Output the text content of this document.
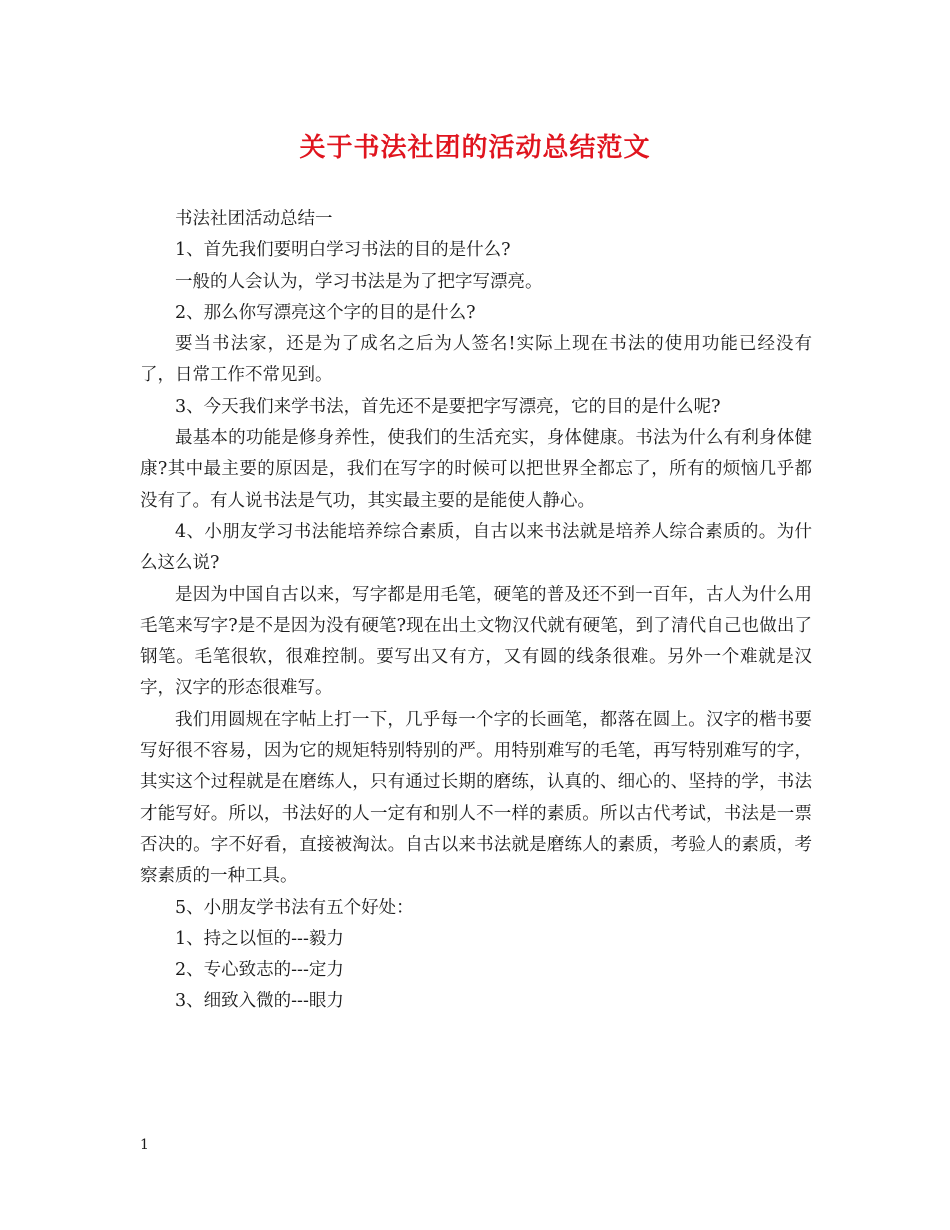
关于书法社团的活动总结范文

书法社团活动总结一

1、首先我们要明白学习书法的目的是什么?

一般的人会认为，学习书法是为了把字写漂亮。

2、那么你写漂亮这个字的目的是什么?

要当书法家，还是为了成名之后为人签名!实际上现在书法的使用功能已经没有了，日常工作不常见到。

3、今天我们来学书法，首先还不是要把字写漂亮，它的目的是什么呢?

最基本的功能是修身养性，使我们的生活充实，身体健康。书法为什么有利身体健康?其中最主要的原因是，我们在写字的时候可以把世界全都忘了，所有的烦恼几乎都没有了。有人说书法是气功，其实最主要的是能使人静心。

4、小朋友学习书法能培养综合素质，自古以来书法就是培养人综合素质的。为什么这么说?

是因为中国自古以来，写字都是用毛笔，硬笔的普及还不到一百年，古人为什么用毛笔来写字?是不是因为没有硬笔?现在出土文物汉代就有硬笔，到了清代自己也做出了钢笔。毛笔很软，很难控制。要写出又有方，又有圆的线条很难。另外一个难就是汉字，汉字的形态很难写。

我们用圆规在字帖上打一下，几乎每一个字的长画笔，都落在圆上。汉字的楷书要写好很不容易，因为它的规矩特别特别的严。用特别难写的毛笔，再写特别难写的字，其实这个过程就是在磨练人，只有通过长期的磨练，认真的、细心的、坚持的学，书法才能写好。所以，书法好的人一定有和别人不一样的素质。所以古代考试，书法是一票否决的。字不好看，直接被淘汰。自古以来书法就是磨练人的素质，考验人的素质，考察素质的一种工具。

5、小朋友学书法有五个好处：

1、持之以恒的---毅力

2、专心致志的---定力

3、细致入微的---眼力

1
